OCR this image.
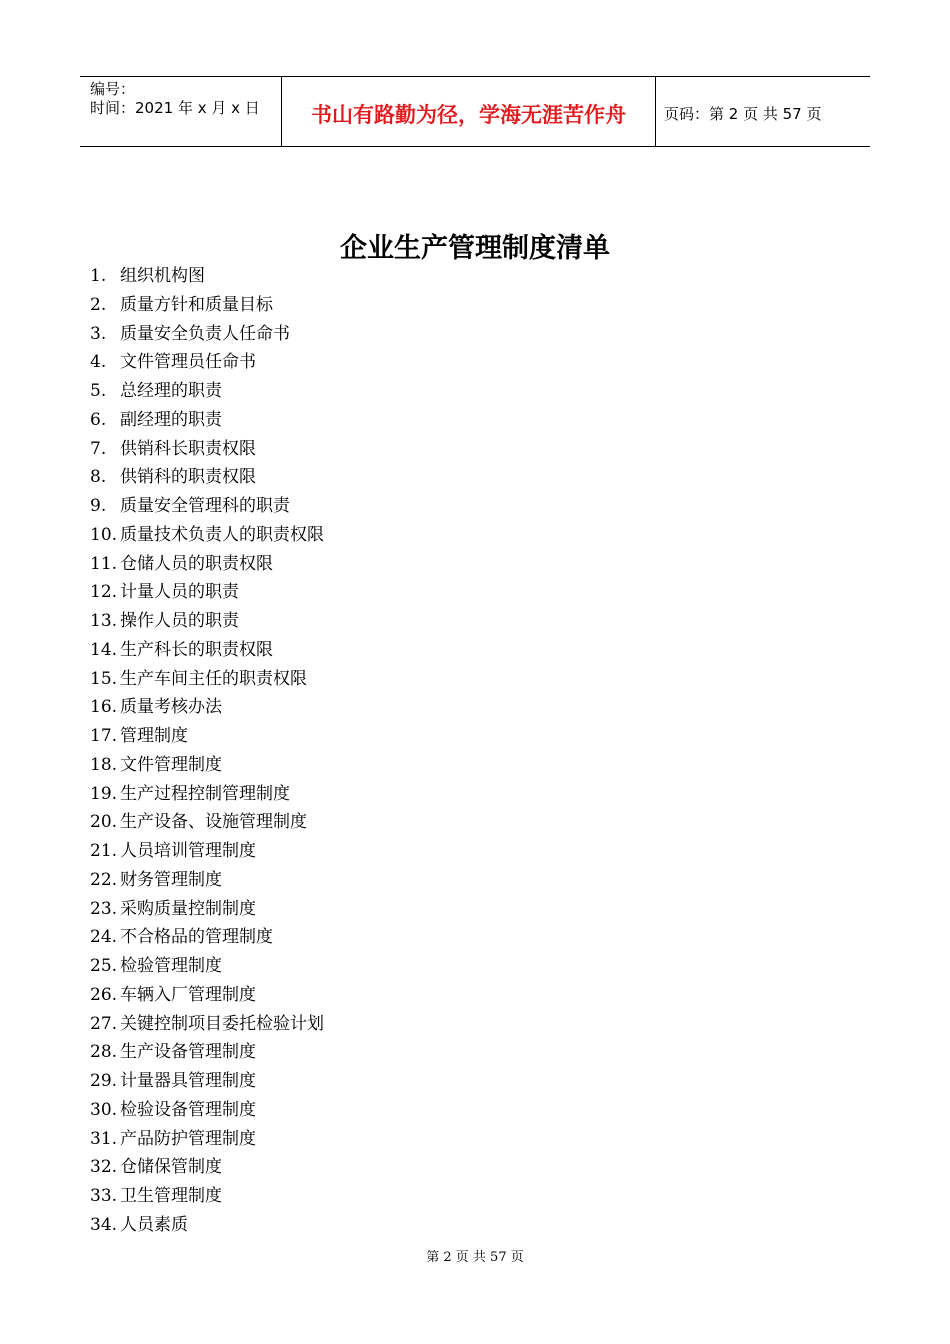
编号：
时间：2021 年 x 月 x 日	书山有路勤为径，学海无涯苦作舟	页码：第 2 页 共 57 页
企业生产管理制度清单
1. 组织机构图
2. 质量方针和质量目标
3. 质量安全负责人任命书
4. 文件管理员任命书
5. 总经理的职责
6. 副经理的职责
7. 供销科长职责权限
8. 供销科的职责权限
9. 质量安全管理科的职责
10. 质量技术负责人的职责权限
11. 仓储人员的职责权限
12. 计量人员的职责
13. 操作人员的职责
14. 生产科长的职责权限
15. 生产车间主任的职责权限
16. 质量考核办法
17. 管理制度
18. 文件管理制度
19. 生产过程控制管理制度
20. 生产设备、设施管理制度
21. 人员培训管理制度
22. 财务管理制度
23. 采购质量控制制度
24. 不合格品的管理制度
25. 检验管理制度
26. 车辆入厂管理制度
27. 关键控制项目委托检验计划
28. 生产设备管理制度
29. 计量器具管理制度
30. 检验设备管理制度
31. 产品防护管理制度
32. 仓储保管制度
33. 卫生管理制度
34. 人员素质
第 2 页 共 57 页
